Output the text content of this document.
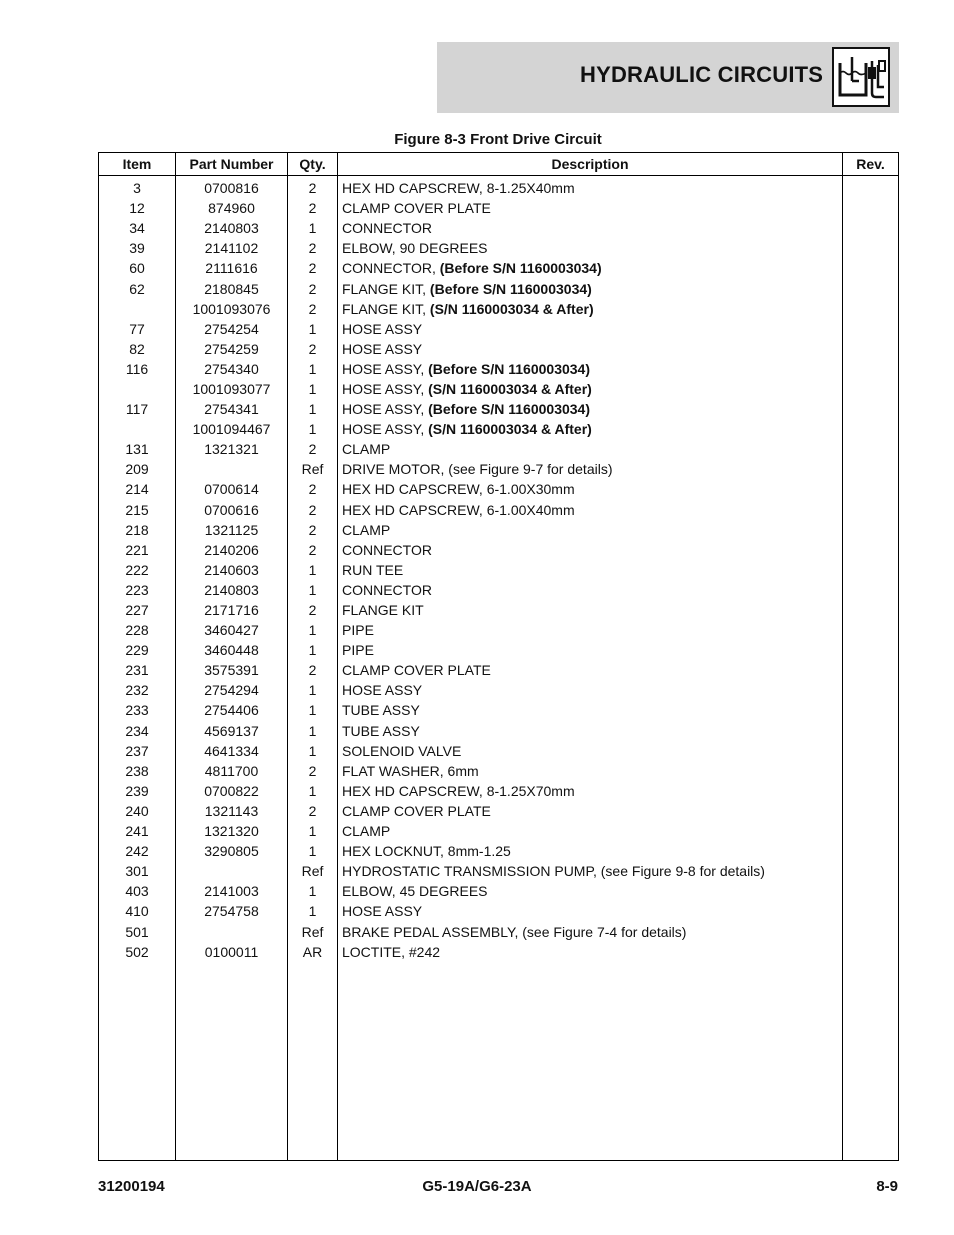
HYDRAULIC CIRCUITS
Figure 8-3 Front Drive Circuit
Item	Part Number	Qty.	Description	Rev.
3	0700816	2	HEX HD CAPSCREW, 8-1.25X40mm	
12	874960	2	CLAMP COVER PLATE	
34	2140803	1	CONNECTOR	
39	2141102	2	ELBOW, 90 DEGREES	
60	2111616	2	CONNECTOR, (Before S/N 1160003034)	
62	2180845	2	FLANGE KIT, (Before S/N 1160003034)	
	1001093076	2	FLANGE KIT, (S/N 1160003034 & After)	
77	2754254	1	HOSE ASSY	
82	2754259	2	HOSE ASSY	
116	2754340	1	HOSE ASSY, (Before S/N 1160003034)	
	1001093077	1	HOSE ASSY, (S/N 1160003034 & After)	
117	2754341	1	HOSE ASSY, (Before S/N 1160003034)	
	1001094467	1	HOSE ASSY, (S/N 1160003034 & After)	
131	1321321	2	CLAMP	
209		Ref	DRIVE MOTOR, (see Figure 9-7 for details)	
214	0700614	2	HEX HD CAPSCREW, 6-1.00X30mm	
215	0700616	2	HEX HD CAPSCREW, 6-1.00X40mm	
218	1321125	2	CLAMP	
221	2140206	2	CONNECTOR	
222	2140603	1	RUN TEE	
223	2140803	1	CONNECTOR	
227	2171716	2	FLANGE KIT	
228	3460427	1	PIPE	
229	3460448	1	PIPE	
231	3575391	2	CLAMP COVER PLATE	
232	2754294	1	HOSE ASSY	
233	2754406	1	TUBE ASSY	
234	4569137	1	TUBE ASSY	
237	4641334	1	SOLENOID VALVE	
238	4811700	2	FLAT WASHER, 6mm	
239	0700822	1	HEX HD CAPSCREW, 8-1.25X70mm	
240	1321143	2	CLAMP COVER PLATE	
241	1321320	1	CLAMP	
242	3290805	1	HEX LOCKNUT, 8mm-1.25	
301		Ref	HYDROSTATIC TRANSMISSION PUMP, (see Figure 9-8 for details)	
403	2141003	1	ELBOW, 45 DEGREES	
410	2754758	1	HOSE ASSY	
501		Ref	BRAKE PEDAL ASSEMBLY, (see Figure 7-4 for details)	
502	0100011	AR	LOCTITE, #242	

31200194	G5-19A/G6-23A	8-9
